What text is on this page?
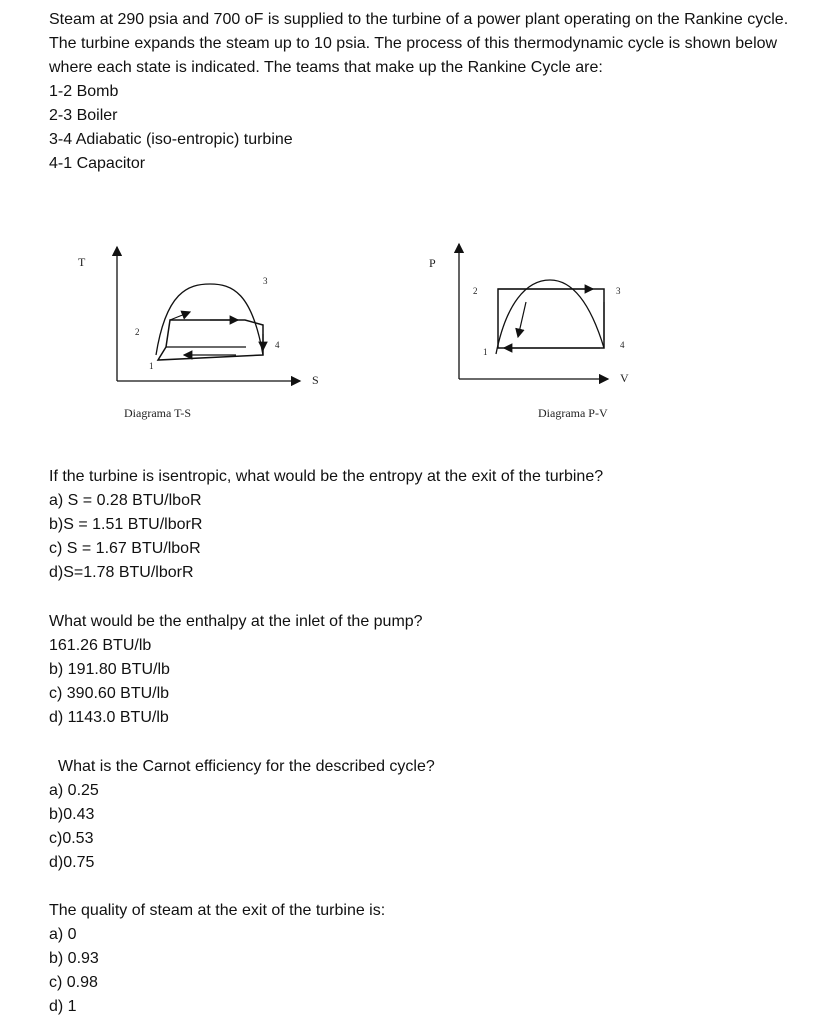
Steam at 290 psia and 700 oF is supplied to the turbine of a power plant operating on the Rankine cycle. The turbine expands the steam up to 10 psia. The process of this thermodynamic cycle is shown below where each state is indicated. The teams that make up the Rankine Cycle are:

1-2 Bomb
2-3 Boiler
3-4 Adiabatic (iso-entropic) turbine
4-1 Capacitor
T
S
1
2
3
4
Diagrama T-S
P
V
1
2	3
4
Diagrama P-V
If the turbine is isentropic, what would be the entropy at the exit of the turbine?
a) S = 0.28 BTU/lboR
b)S = 1.51 BTU/lborR
c) S = 1.67 BTU/lboR
d)S=1.78 BTU/lborR
What would be the enthalpy at the inlet of the pump?
161.26 BTU/lb
b) 191.80 BTU/lb
c) 390.60 BTU/lb
d) 1143.0 BTU/lb
What is the Carnot efficiency for the described cycle?
a) 0.25
b)0.43
c)0.53
d)0.75
The quality of steam at the exit of the turbine is:
a) 0
b) 0.93
c) 0.98
d) 1
